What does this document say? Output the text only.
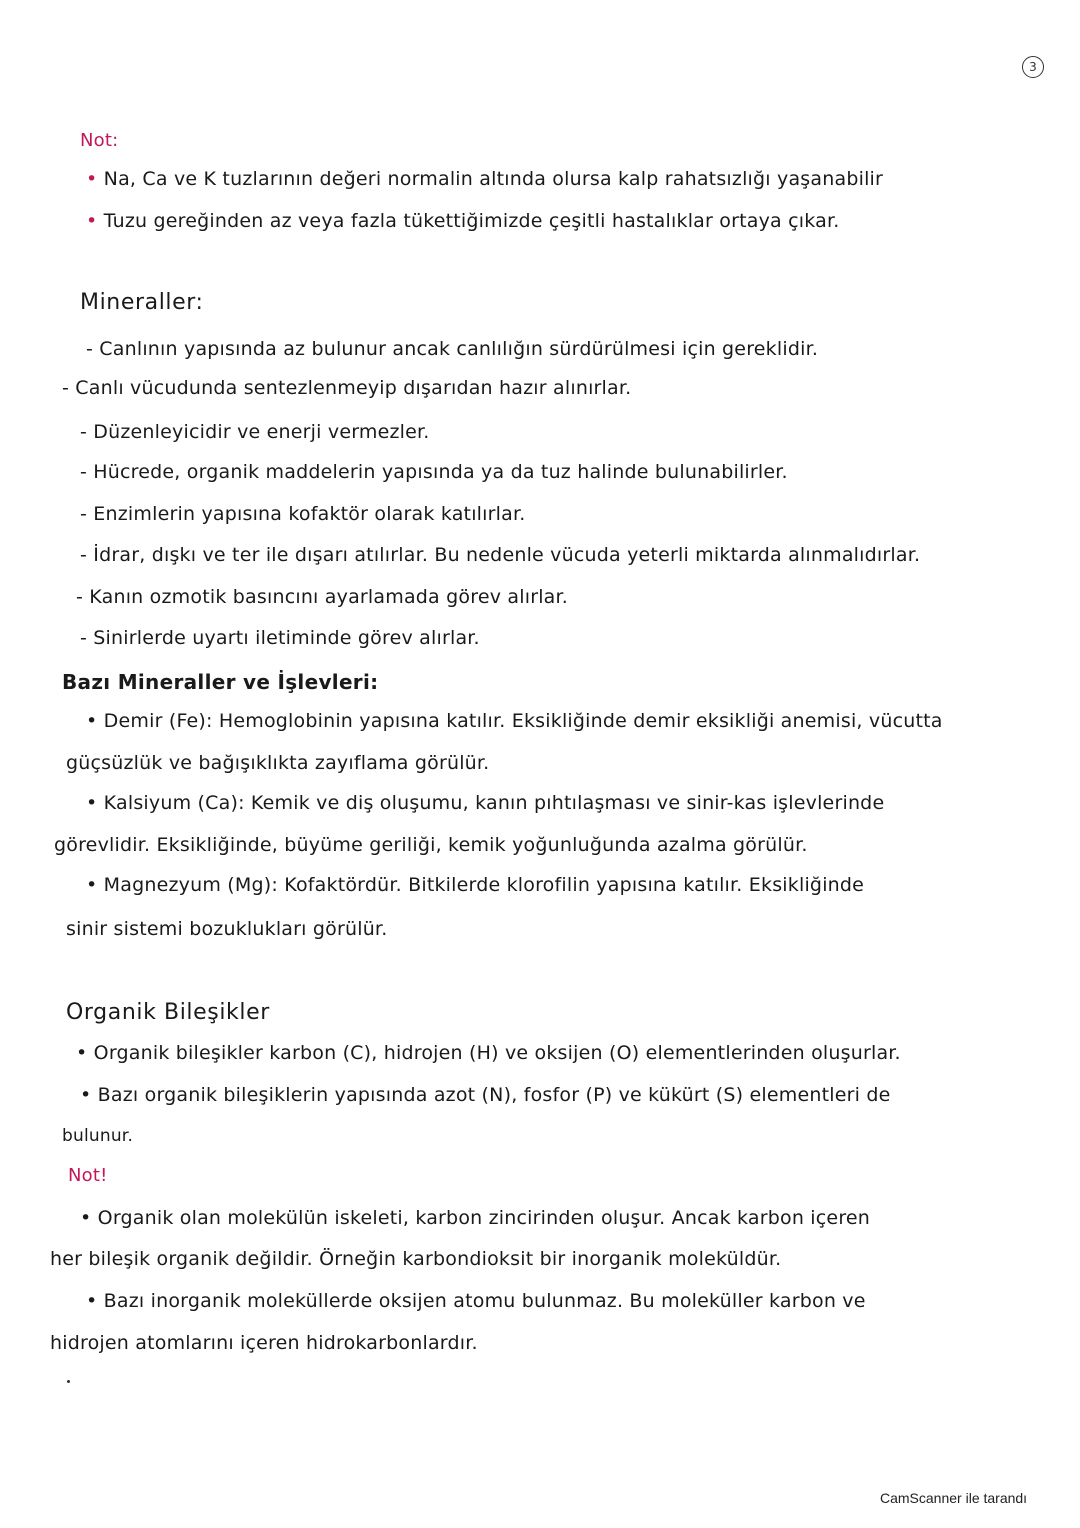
3
Not:
• Na, Ca ve K tuzlarının değeri normalin altında olursa kalp rahatsızlığı yaşanabilir
• Tuzu gereğinden az veya fazla tükettiğimizde çeşitli hastalıklar ortaya çıkar.
Mineraller:
- Canlının yapısında az bulunur ancak canlılığın sürdürülmesi için gereklidir.
- Canlı vücudunda sentezlenmeyip dışarıdan hazır alınırlar.
- Düzenleyicidir ve enerji vermezler.
- Hücrede, organik maddelerin yapısında ya da tuz halinde bulunabilirler.
- Enzimlerin yapısına kofaktör olarak katılırlar.
- İdrar, dışkı ve ter ile dışarı atılırlar. Bu nedenle vücuda yeterli miktarda alınmalıdırlar.
- Kanın ozmotik basıncını ayarlamada görev alırlar.
- Sinirlerde uyartı iletiminde görev alırlar.
Bazı Mineraller ve İşlevleri:
• Demir (Fe): Hemoglobinin yapısına katılır. Eksikliğinde demir eksikliği anemisi, vücutta
güçsüzlük ve bağışıklıkta zayıflama görülür.
• Kalsiyum (Ca): Kemik ve diş oluşumu, kanın pıhtılaşması ve sinir-kas işlevlerinde
görevlidir. Eksikliğinde, büyüme geriliği, kemik yoğunluğunda azalma görülür.
• Magnezyum (Mg): Kofaktördür. Bitkilerde klorofilin yapısına katılır. Eksikliğinde
sinir sistemi bozuklukları görülür.
Organik Bileşikler
• Organik bileşikler karbon (C), hidrojen (H) ve oksijen (O) elementlerinden oluşurlar.
• Bazı organik bileşiklerin yapısında azot (N), fosfor (P) ve kükürt (S) elementleri de
bulunur.
Not!
• Organik olan molekülün iskeleti, karbon zincirinden oluşur. Ancak karbon içeren
her bileşik organik değildir. Örneğin karbondioksit bir inorganik moleküldür.
• Bazı inorganik moleküllerde oksijen atomu bulunmaz. Bu moleküller karbon ve
hidrojen atomlarını içeren hidrokarbonlardır.
CamScanner ile tarandı
